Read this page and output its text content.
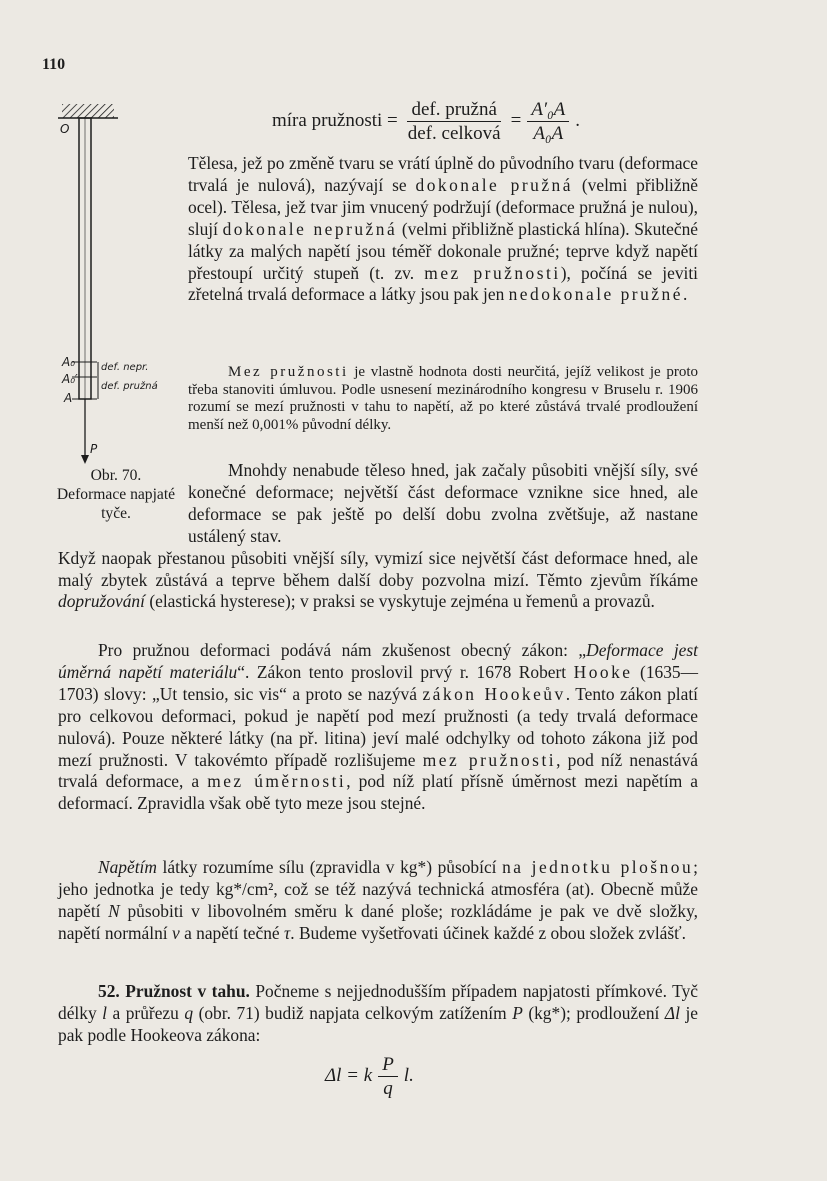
110
míra pružnosti = $\frac{\text{def. pružná}}{\text{def. celková}} = \frac{\text{A′₀A}}{\text{A₀A}}$ .
O
A₀
A₀′
A
def. nepr.
def. pružná
P
Obr. 70.
Deformace napjaté tyče.

Tělesa, jež po změně tvaru se vrátí úplně do původního tvaru (deformace trvalá je nulová), nazývají se dokonale pružná (velmi přibližně ocel). Tělesa, jež tvar jim vnucený podržují (deformace pružná je nulou), slují dokonale nepružná (velmi přibližně plastická hlína). Skutečné látky za malých napětí jsou téměř dokonale pružné; teprve když napětí přestoupí určitý stupeň (t. zv. mez pružnosti), počíná se jeviti zřetelná trvalá deformace a látky jsou pak jen nedokonale pružné.

Mez pružnosti je vlastně hodnota dosti neurčitá, jejíž velikost je proto třeba stanoviti úmluvou. Podle usnesení mezinárodního kongresu v Bruselu r. 1906 rozumí se mezí pružnosti v tahu to napětí, až po které zůstává trvalé prodloužení menší než 0,001% původní délky.

Mnohdy nenabude těleso hned, jak začaly působiti vnější síly, své konečné deformace; největší část deformace vznikne sice hned, ale deformace se pak ještě po delší dobu zvolna zvětšuje, až nastane ustálený stav.
Když naopak přestanou působiti vnější síly, vymizí sice největší část deformace hned, ale malý zbytek zůstává a teprve během další doby pozvolna mizí. Těmto zjevům říkáme dopružování (elastická hysterese); v praksi se vyskytuje zejména u řemenů a provazů.

Pro pružnou deformaci podává nám zkušenost obecný zákon: „Deformace jest úměrná napětí materiálu“. Zákon tento proslovil prvý r. 1678 Robert Hooke (1635—1703) slovy: „Ut tensio, sic vis“ a proto se nazývá zákon Hookeův. Tento zákon platí pro celkovou deformaci, pokud je napětí pod mezí pružnosti (a tedy trvalá deformace nulová). Pouze některé látky (na př. litina) jeví malé odchylky od tohoto zákona již pod mezí pružnosti. V takovémto případě rozlišujeme mez pružnosti, pod níž nenastává trvalá deformace, a mez úměrnosti, pod níž platí přísně úměrnost mezi napětím a deformací. Zpravidla však obě tyto meze jsou stejné.

Napětím látky rozumíme sílu (zpravidla v kg*) působící na jednotku plošnou; jeho jednotka je tedy kg*/cm², což se též nazývá technická atmosféra (at). Obecně může napětí N působiti v libovolném směru k dané ploše; rozkládáme je pak ve dvě složky, napětí normální ν a napětí tečné τ. Budeme vyšetřovati účinek každé z obou složek zvlášť.

52. Pružnost v tahu. Počneme s nejjednodušším případem napjatosti přímkové. Tyč délky l a průřezu q (obr. 71) budiž napjata celkovým zatížením P (kg*); prodloužení Δl je pak podle Hookeova zákona:

Δl = k $\frac{P}{q} l$.
